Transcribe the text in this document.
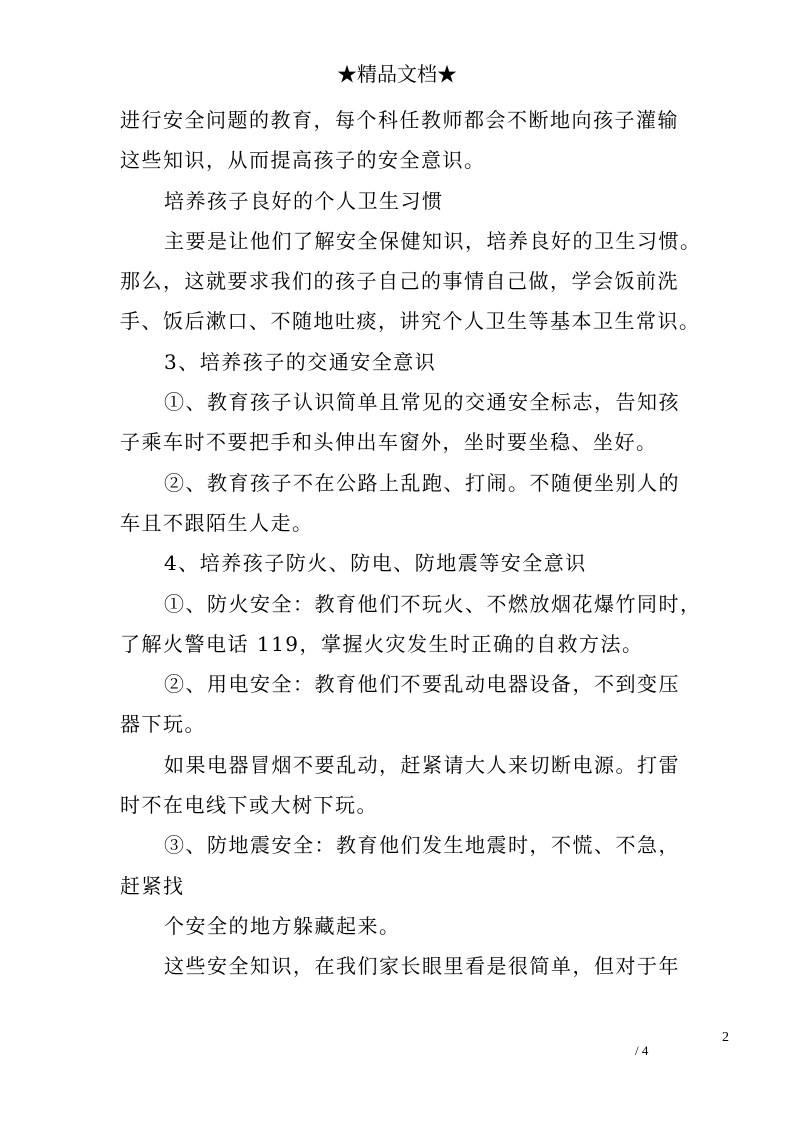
★精品文档★
进行安全问题的教育，每个科任教师都会不断地向孩子灌输
这些知识，从而提高孩子的安全意识。
培养孩子良好的个人卫生习惯
主要是让他们了解安全保健知识，培养良好的卫生习惯。
那么，这就要求我们的孩子自己的事情自己做，学会饭前洗
手、饭后漱口、不随地吐痰，讲究个人卫生等基本卫生常识。
3、培养孩子的交通安全意识
①、教育孩子认识简单且常见的交通安全标志，告知孩
子乘车时不要把手和头伸出车窗外，坐时要坐稳、坐好。
②、教育孩子不在公路上乱跑、打闹。不随便坐别人的
车且不跟陌生人走。
4、培养孩子防火、防电、防地震等安全意识
①、防火安全：教育他们不玩火、不燃放烟花爆竹同时，
了解火警电话 119，掌握火灾发生时正确的自救方法。
②、用电安全：教育他们不要乱动电器设备，不到变压
器下玩。
如果电器冒烟不要乱动，赶紧请大人来切断电源。打雷
时不在电线下或大树下玩。
③、防地震安全：教育他们发生地震时，不慌、不急，
赶紧找
个安全的地方躲藏起来。
这些安全知识，在我们家长眼里看是很简单，但对于年
2
/ 4
